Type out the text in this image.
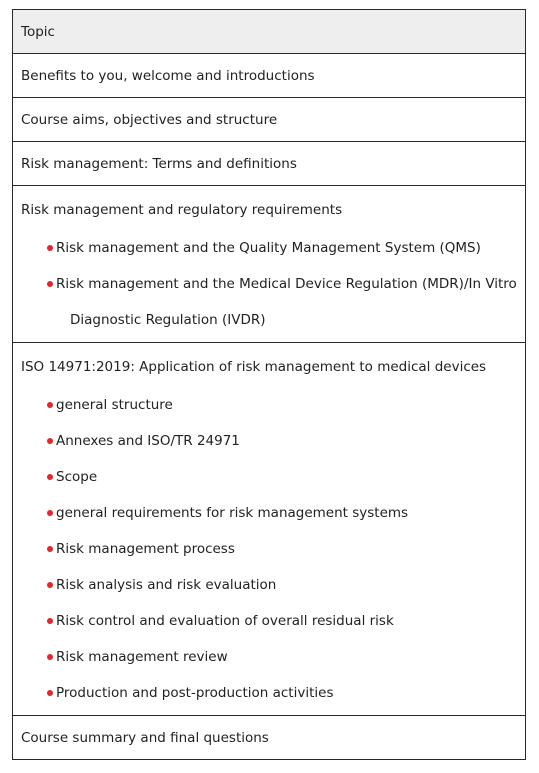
Topic
Benefits to you, welcome and introductions
Course aims, objectives and structure
Risk management: Terms and definitions

Risk management and regulatory requirements
Risk management and the Quality Management System (QMS)
Risk management and the Medical Device Regulation (MDR)/In Vitro
Diagnostic Regulation (IVDR)

ISO 14971:2019: Application of risk management to medical devices
general structure
Annexes and ISO/TR 24971
Scope
general requirements for risk management systems
Risk management process
Risk analysis and risk evaluation
Risk control and evaluation of overall residual risk
Risk management review
Production and post-production activities

Course summary and final questions
